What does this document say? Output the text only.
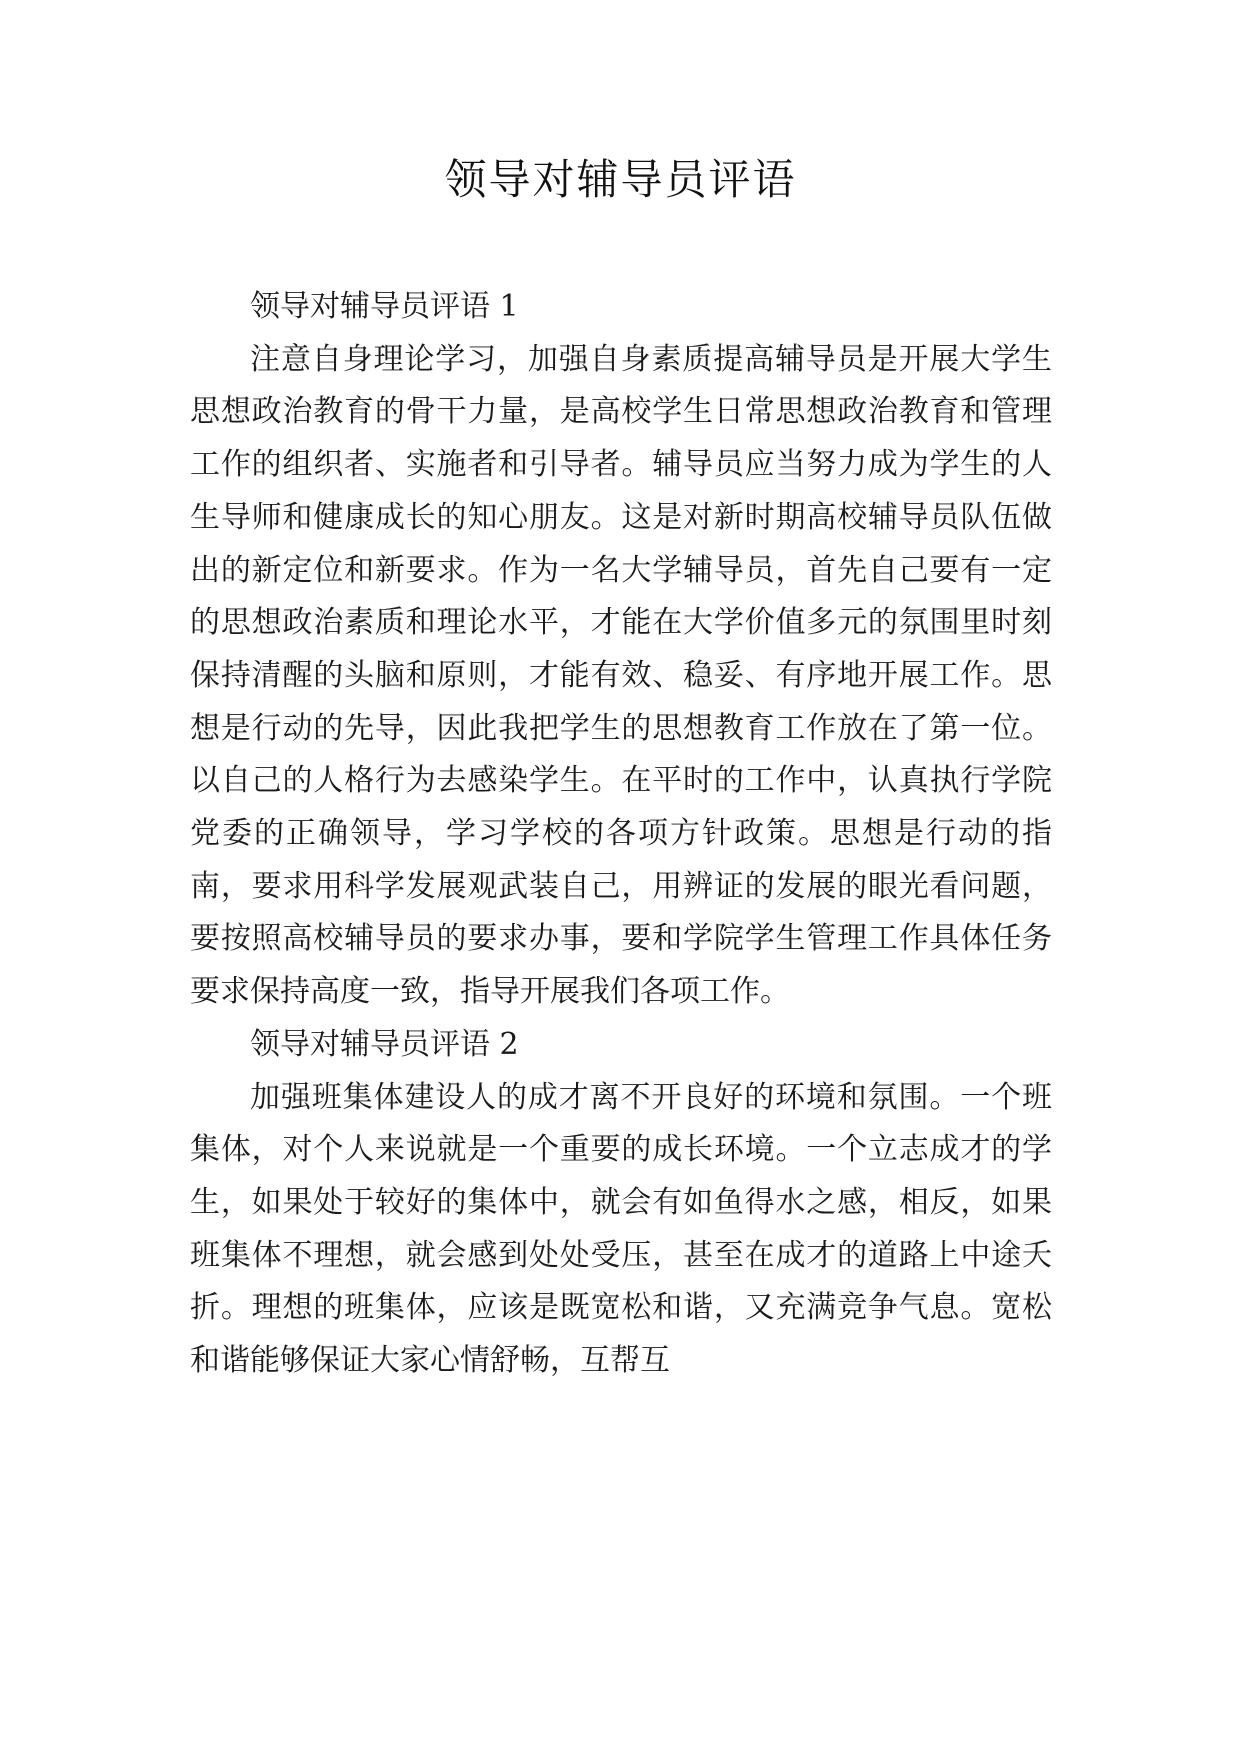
领导对辅导员评语

领导对辅导员评语 1

注意自身理论学习，加强自身素质提高辅导员是开展大学生思想政治教育的骨干力量，是高校学生日常思想政治教育和管理工作的组织者、实施者和引导者。辅导员应当努力成为学生的人生导师和健康成长的知心朋友。这是对新时期高校辅导员队伍做出的新定位和新要求。作为一名大学辅导员，首先自己要有一定的思想政治素质和理论水平，才能在大学价值多元的氛围里时刻保持清醒的头脑和原则，才能有效、稳妥、有序地开展工作。思想是行动的先导，因此我把学生的思想教育工作放在了第一位。以自己的人格行为去感染学生。在平时的工作中，认真执行学院党委的正确领导，学习学校的各项方针政策。思想是行动的指南，要求用科学发展观武装自己，用辨证的发展的眼光看问题，要按照高校辅导员的要求办事，要和学院学生管理工作具体任务要求保持高度一致，指导开展我们各项工作。

领导对辅导员评语 2

加强班集体建设人的成才离不开良好的环境和氛围。一个班集体，对个人来说就是一个重要的成长环境。一个立志成才的学生，如果处于较好的集体中，就会有如鱼得水之感，相反，如果班集体不理想，就会感到处处受压，甚至在成才的道路上中途夭折。理想的班集体，应该是既宽松和谐，又充满竞争气息。宽松和谐能够保证大家心情舒畅，互帮互
